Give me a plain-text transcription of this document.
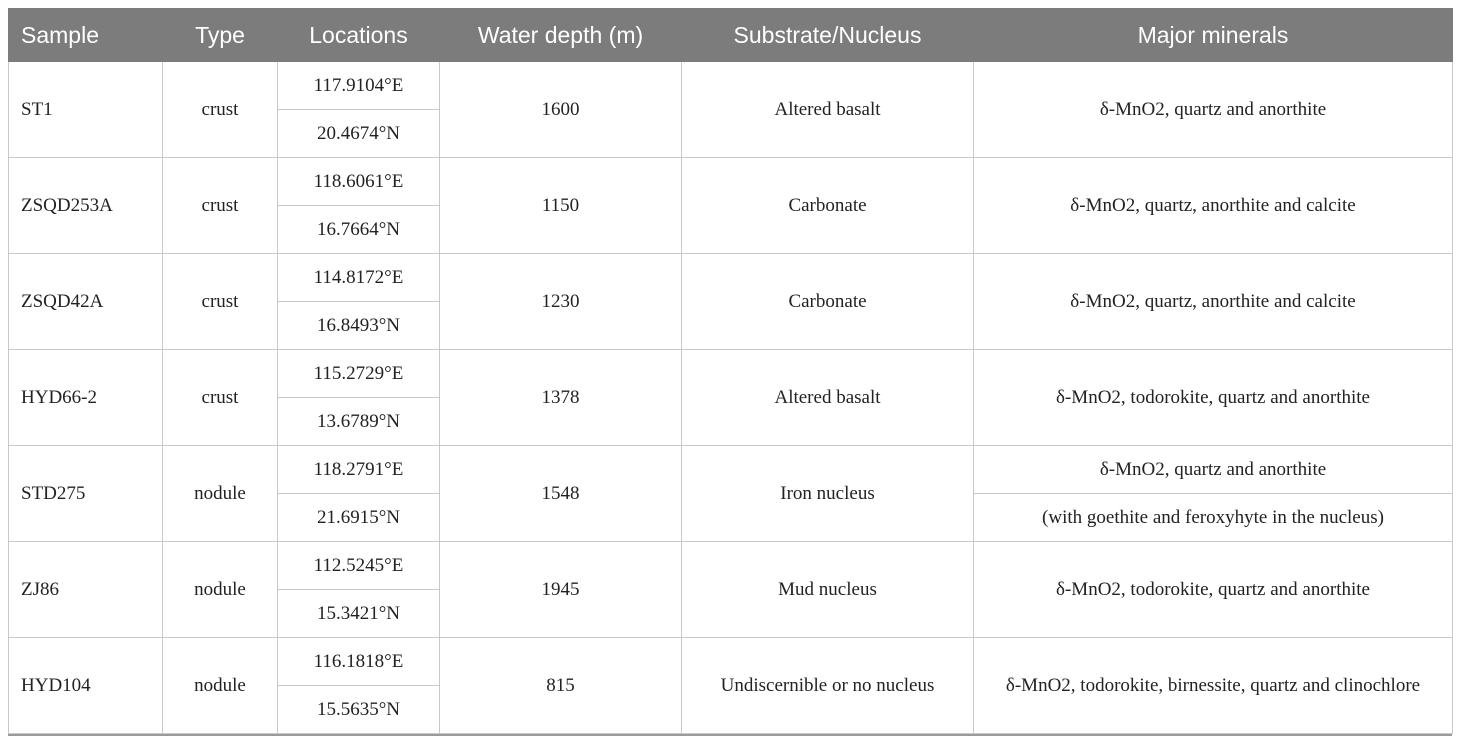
Sample	Type	Locations	Water depth (m)	Substrate/Nucleus	Major minerals
ST1	crust	117.9104°E	1600	Altered basalt	δ-MnO2, quartz and anorthite
		20.4674°N			
ZSQD253A	crust	118.6061°E	1150	Carbonate	δ-MnO2, quartz, anorthite and calcite
		16.7664°N			
ZSQD42A	crust	114.8172°E	1230	Carbonate	δ-MnO2, quartz, anorthite and calcite
		16.8493°N			
HYD66-2	crust	115.2729°E	1378	Altered basalt	δ-MnO2, todorokite, quartz and anorthite
		13.6789°N			
STD275	nodule	118.2791°E	1548	Iron nucleus	δ-MnO2, quartz and anorthite
		21.6915°N			(with goethite and feroxyhyte in the nucleus)
ZJ86	nodule	112.5245°E	1945	Mud nucleus	δ-MnO2, todorokite, quartz and anorthite
		15.3421°N			
HYD104	nodule	116.1818°E	815	Undiscernible or no nucleus	δ-MnO2, todorokite, birnessite, quartz and clinochlore
		15.5635°N			
